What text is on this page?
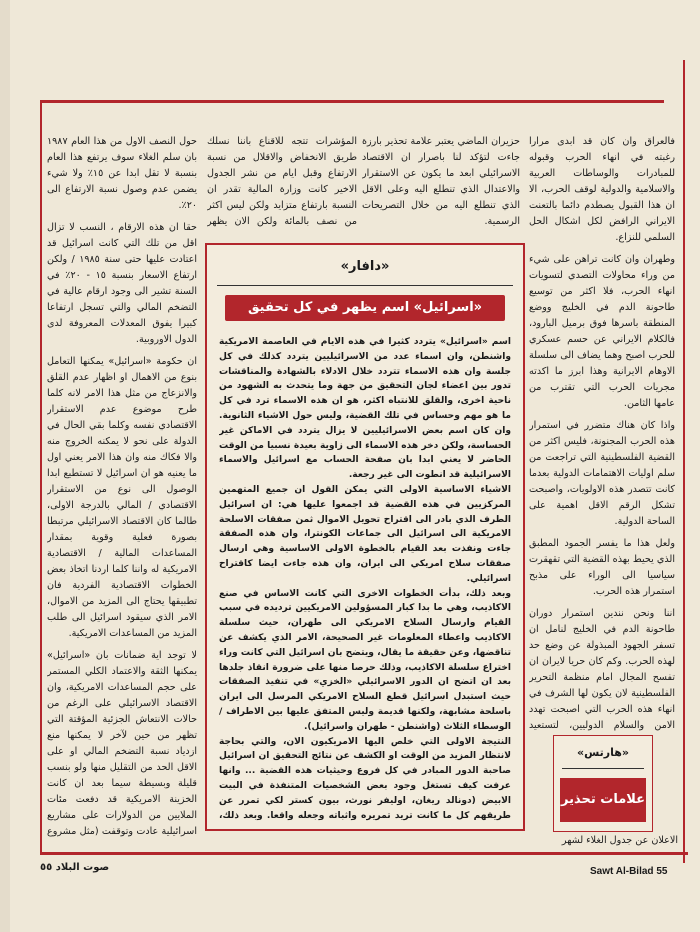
فالعراق وان كان قد ابدى مرارا رغبته في انهاء الحرب وقبوله للمبادرات والوساطات العربية والاسلامية والدولية لوقف الحرب، الا ان هذا القبول يصطدم دائما بالتعنت الايراني الرافض لكل اشكال الحل السلمي للنزاع.

وطهران وان كانت تراهن على شيء من وراء محاولات التصدي لتسويات انهاء الحرب، فلا اكثر من توسيع طاحونة الدم في الخليج ووضع المنطقة باسرها فوق برميل البارود، فالكلام الايراني عن حسم عسكري للحرب اصبح وهما يضاف الى سلسلة الاوهام الايرانية وهذا ابرز ما اكدته مجريات الحرب التي تقترب من عامها الثامن.

واذا كان هناك متضرر في استمرار هذه الحرب المجنونة، فليس اكثر من القضية الفلسطينية التي تراجعت من سلم اوليات الاهتمامات الدولية بعدما كانت تتصدر هذه الاولويات، واصبحت تشكل الرقم الاقل اهمية على الساحة الدولية.

ولعل هذا ما يفسر الجمود المطبق الذي يحيط بهذه القضية التي تقهقرت سياسيا الى الوراء على مذبح استمرار هذه الحرب.

اننا ونحن نندين استمرار دوران طاحونة الدم في الخليج لنامل ان تسفر الجهود المبذولة عن وضع حد لهذه الحرب. وكم كان حريا لايران ان تفسح المجال امام منظمة التحرير الفلسطينية لان يكون لها الشرف في انهاء هذه الحرب التي اصبحت تهدد الامن والسلام الدوليين، لتستعيد

حزيران الماضي يعتبر علامة تحذير بارزة جاءت لتؤكد لنا باصرار ان الاقتصاد الاسرائيلي ابعد ما يكون عن الاستقرار والاعتدال الذي تنطلع اليه وعلى الاقل الذي تنطلع اليه من خلال التصريحات الرسمية.

المؤشرات تتجه للاقناع باننا نسلك طريق الانخفاض والاقلال من نسبة الارتفاع وقبل ايام من نشر الجدول الاخير كانت وزارة المالية تقدر ان النسبة بارتفاع متزايد ولكن ليس اكثر من نصف بالمائة ولكن الان يظهر

حول النصف الاول من هذا العام ١٩٨٧ بان سلم الغلاء سوف يرتفع هذا العام بنسبة لا تقل ابدا عن ١٥٪ ولا شيء يضمن عدم وصول نسبة الارتفاع الى ٢٠٪.

حقا ان هذه الارقام ، النسب لا تزال اقل من تلك التي كانت اسرائيل قد اعتادت عليها حتى سنة ١٩٨٥ / ولكن ارتفاع الاسعار بنسبة ١٥ - ٢٠٪ في السنة تشير الى وجود ارقام عالية في التضخم المالي والتي تسجل ارتفاعا كبيرا يفوق المعدلات المعروفة لدى الدول الاوروبية.

ان حكومة «اسرائيل» يمكنها التعامل بنوع من الاهمال او اظهار عدم القلق والانزعاج من مثل هذا الامر لانه كلما طرح موضوع عدم الاستقرار الاقتصادي نفسه وكلما بقي الحال في الدولة على نحو لا يمكنه الخروج منه والا فكاك منه وان هذا الامر يعني اول ما يعنيه هو ان اسرائيل لا تستطيع ابدا الوصول الى نوع من الاستقرار الاقتصادي / المالي بالدرجة الاولى، طالما كان الاقتصاد الاسرائيلي مرتبطا بصورة فعلية وقوية بمقدار المساعدات المالية / الاقتصادية الامريكية له واننا كلما اردنا اتخاذ بعض الخطوات الاقتصادية الفردية فان تطبيقها يحتاج الى المزيد من الاموال، الامر الذي سيقود اسرائيل الى طلب المزيد من المساعدات الامريكية.

لا توجد اية ضمانات بان «اسرائيل» يمكنها الثقة والاعتماد الكلي المستمر على حجم المساعدات الامريكية، وان الاقتصاد الاسرائيلي على الرغم من حالات الانتعاش الجزئية المؤقتة التي تظهر من حين لآخر لا يمكنها منع ازدياد نسبة التضخم المالي او على الاقل الحد من التقليل منها ولو بنسب قليلة وبسيطة سيما بعد ان كانت الخزينة الامريكية قد دفعت مئات الملايين من الدولارات على مشاريع اسرائيلية عادت وتوقفت (مثل مشروع

«دافار»
«اسرائيل» اسم يظهر في كل تحقيق

اسم «اسرائيل» يتردد كثيرا في هذه الايام في العاصمة الامريكية واشنطن، وان اسماء عدد من الاسرائيليين يتردد كذلك في كل جلسة وان هذه الاسماء تتردد خلال الادلاء بالشهادة والمناقشات تدور بين اعضاء لجان التحقيق من جهة وما يتحدث به الشهود من ناحية اخرى، والقلق للانتباه اكثر، هو ان هذه الاسماء ترد في كل ما هو مهم وحساس في تلك القضية، وليس حول الاشياء الثانوية. وان كان اسم بعض الاسرائيليين لا يزال يتردد في الاماكن غير الحساسة، ولكن دخر هذه الاسماء الى زاوية بعيدة نسبيا من الوقت الحاضر لا يعني ابدا بان صفحة الحساب مع اسرائيل والاسماء الاسرائيلية قد انطوت الى غير رجعة.

الاشياء الاساسية الاولى التي يمكن القول ان جميع المتهمين المركزيين في هذه القضية قد اجمعوا عليها هي: ان اسرائيل الطرف الذي بادر الى اقتراح تحويل الاموال ثمن صفقات الاسلحة الامريكية الى اسرائيل الى جماعات الكونترا، وان هذه الصفقة جاءت ونفذت بعد القيام بالخطوة الاولى الاساسية وهي ارسال صفقات سلاح امريكي الى ايران، وان هذه جاءت ايضا كاقتراح اسرائيلي.

وبعد ذلك، بدأت الخطوات الاخرى التي كانت الاساس في صنع الاكاذيب، وهي ما بدا كبار المسؤولين الامريكيين ترديده في سبب القيام وارسال السلاح الامريكي الى طهران، حيث سلسلة الاكاذيب واعطاء المعلومات غير الصحيحة، الامر الذي يكشف عن تناقضها، وعن حقيقة ما يقال، ويتضح بان اسرائيل التي كانت وراء اختراع سلسلة الاكاذيب، وذلك حرصا منها على ضرورة انقاذ جلدها بعد ان اتضح ان الدور الاسرائيلي «الخزي» في تنفيذ الصفقات حيث استبدل اسرائيل قطع السلاح الامريكي المرسل الى ايران باسلحة مشابهة، ولكنها قديمة وليس المتفق عليها بين الاطراف / الوسطاء الثلاث (واشنطن - طهران واسرائيل).

النتيجة الاولى التي خلص اليها الامريكيون الان، والتي بحاجة لانتظار المزيد من الوقت او الكشف عن نتائج التحقيق ان اسرائيل صاحبة الدور المبادر في كل فروع وحيثيات هذه القضية ... وانها عرفت كيف تستغل وجود بعض الشخصيات المتنفذة في البيت الابيض (دونالد ريغان، اوليفر نورث، بيون كستر لكي تمرر عن طريقهم كل ما كانت تريد تمريره واثباته وجعله واقعا. وبعد ذلك،

«هارتس»
علامات تحذير
الاعلان عن جدول الغلاء لشهر
Sawt Al-Bilad 55
صوت البلاد ٥٥
